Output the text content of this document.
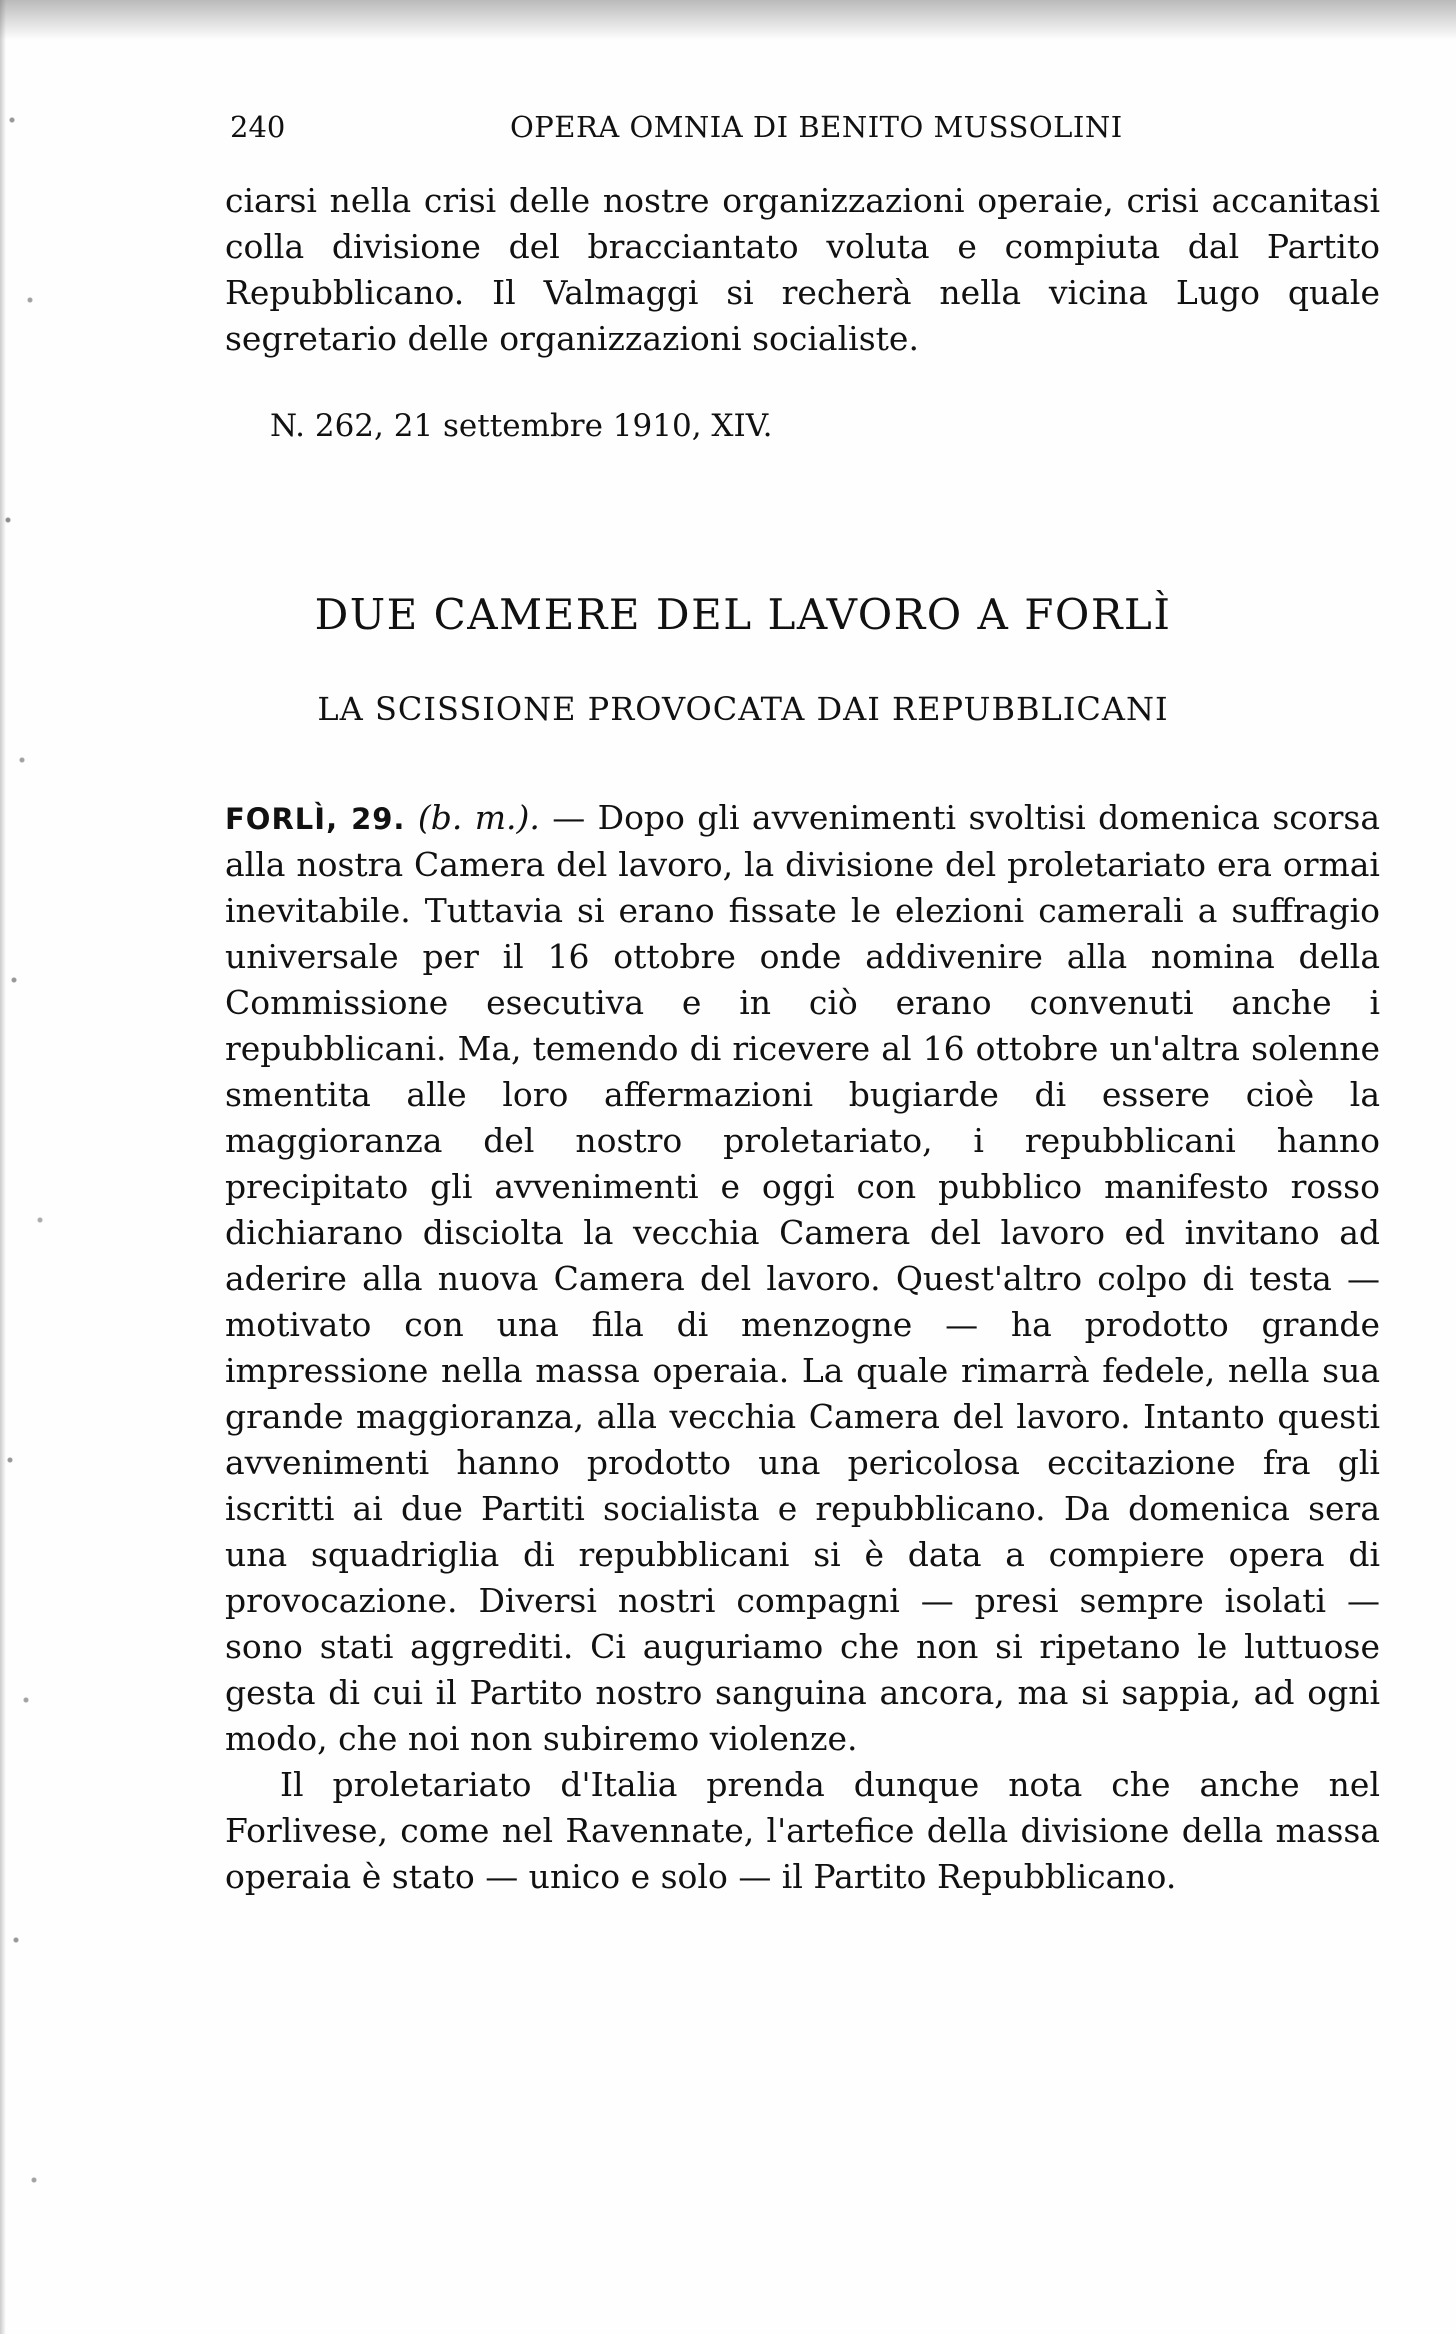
240	OPERA OMNIA DI BENITO MUSSOLINI
ciarsi nella crisi delle nostre organizzazioni operaie, crisi accanitasi colla divisione del bracciantato voluta e compiuta dal Partito Repubblicano. Il Valmaggi si recherà nella vicina Lugo quale segretario delle organizzazioni socialiste.
N. 262, 21 settembre 1910, XIV.
DUE CAMERE DEL LAVORO A FORLÌ
LA SCISSIONE PROVOCATA DAI REPUBBLICANI

FORLÌ, 29. (b. m.). — Dopo gli avvenimenti svoltisi domenica scorsa alla nostra Camera del lavoro, la divisione del proletariato era ormai inevitabile. Tuttavia si erano fissate le elezioni camerali a suffragio universale per il 16 ottobre onde addivenire alla nomina della Commissione esecutiva e in ciò erano convenuti anche i repubblicani. Ma, temendo di ricevere al 16 ottobre un'altra solenne smentita alle loro affermazioni bugiarde di essere cioè la maggioranza del nostro proletariato, i repubblicani hanno precipitato gli avvenimenti e oggi con pubblico manifesto rosso dichiarano disciolta la vecchia Camera del lavoro ed invitano ad aderire alla nuova Camera del lavoro. Quest'altro colpo di testa — motivato con una fila di menzogne — ha prodotto grande impressione nella massa operaia. La quale rimarrà fedele, nella sua grande maggioranza, alla vecchia Camera del lavoro. Intanto questi avvenimenti hanno prodotto una pericolosa eccitazione fra gli iscritti ai due Partiti socialista e repubblicano. Da domenica sera una squadriglia di repubblicani si è data a compiere opera di provocazione. Diversi nostri compagni — presi sempre isolati — sono stati aggrediti. Ci auguriamo che non si ripetano le luttuose gesta di cui il Partito nostro sanguina ancora, ma si sappia, ad ogni modo, che noi non subiremo violenze.

Il proletariato d'Italia prenda dunque nota che anche nel Forlivese, come nel Ravennate, l'artefice della divisione della massa operaia è stato — unico e solo — il Partito Repubblicano.
